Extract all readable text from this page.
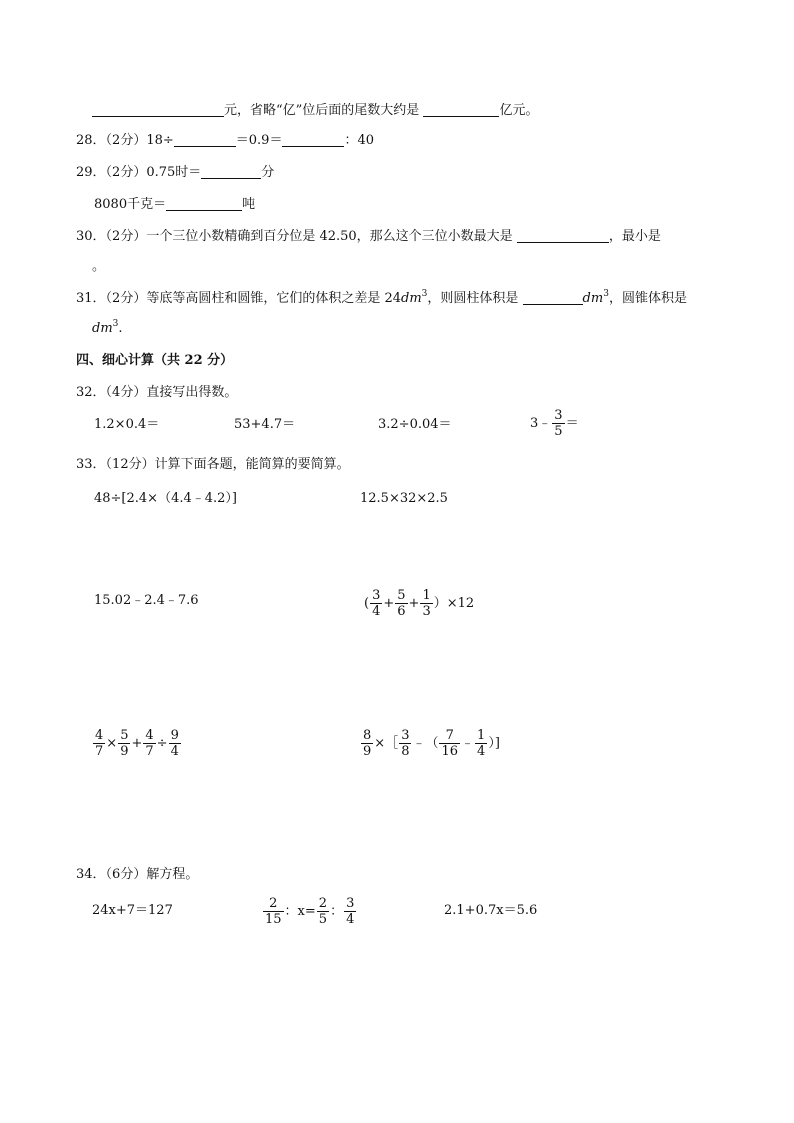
元，省略“亿”位后面的尾数大约是	亿元。
28．（2分）18÷	＝0.9＝	：40
29．（2分）0.75时＝	分
8080千克＝	吨
30．（2分）一个三位小数精确到百分位是 42.50，那么这个三位小数最大是	，最小是
。
31．（2分）等底等高圆柱和圆锥，它们的体积之差是 $24dm^3$，则圆柱体积是	$dm^3$，圆锥体积是
$dm^3$.
四、细心计算（共 22 分）
32．（4分）直接写出得数。
1.2×0.4＝	53+4.7＝	3.2÷0.04＝	3﹣ $\frac{3}{5}$ ＝
33．（12分）计算下面各题，能简算的要简算。
48÷[2.4×（4.4﹣4.2）]	12.5×32×2.5
15.02﹣2.4﹣7.6	( $\frac{3}{4} + \frac{5}{6} + \frac{1}{3} )\times 12$
$\frac{4}{7} \times \frac{5}{9} + \frac{4}{7} \div \frac{9}{4}$	$\frac{8}{9}$ ×［ $\frac{3}{8}$ ﹣（ $\frac{7}{16}$ ﹣ $\frac{1}{4}$ ）]
34．（6分）解方程。
24x+7＝127	$\frac{2}{15}$ ：$x= \frac{2}{5}$ ： $\frac{3}{4}$	2.1+0.7x＝5.6
